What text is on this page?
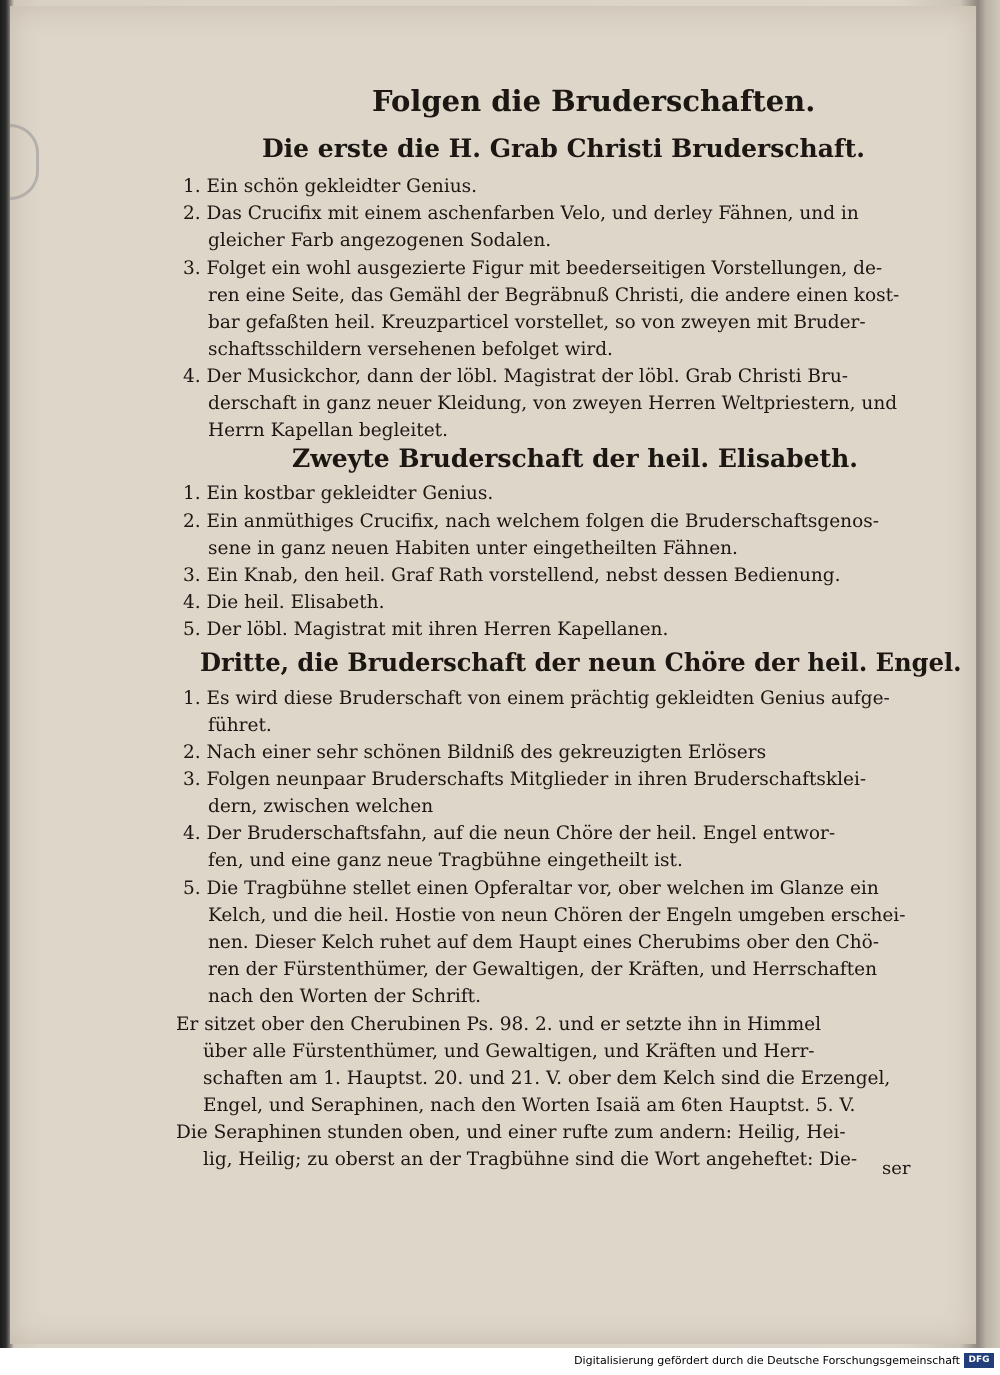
Folgen die Bruderschaften.
Die erste die H. Grab Christi Bruderschaft.

1. Ein schön gekleidter Genius.

2. Das Crucifix mit einem aschenfarben Velo, und derley Fähnen, und in

gleicher Farb angezogenen Sodalen.

3. Folget ein wohl ausgezierte Figur mit beederseitigen Vorstellungen, de-

ren eine Seite, das Gemähl der Begräbnuß Christi, die andere einen kost-

bar gefaßten heil. Kreuzparticel vorstellet, so von zweyen mit Bruder-

schaftsschildern versehenen befolget wird.

4. Der Musickchor, dann der löbl. Magistrat der löbl. Grab Christi Bru-

derschaft in ganz neuer Kleidung, von zweyen Herren Weltpriestern, und

Herrn Kapellan begleitet.

Zweyte Bruderschaft der heil. Elisabeth.

1. Ein kostbar gekleidter Genius.

2. Ein anmüthiges Crucifix, nach welchem folgen die Bruderschaftsgenos-

sene in ganz neuen Habiten unter eingetheilten Fähnen.

3. Ein Knab, den heil. Graf Rath vorstellend, nebst dessen Bedienung.

4. Die heil. Elisabeth.

5. Der löbl. Magistrat mit ihren Herren Kapellanen.

Dritte, die Bruderschaft der neun Chöre der heil. Engel.

1. Es wird diese Bruderschaft von einem prächtig gekleidten Genius aufge-

führet.

2. Nach einer sehr schönen Bildniß des gekreuzigten Erlösers

3. Folgen neunpaar Bruderschafts Mitglieder in ihren Bruderschaftsklei-

dern, zwischen welchen

4. Der Bruderschaftsfahn, auf die neun Chöre der heil. Engel entwor-

fen, und eine ganz neue Tragbühne eingetheilt ist.

5. Die Tragbühne stellet einen Opferaltar vor, ober welchen im Glanze ein

Kelch, und die heil. Hostie von neun Chören der Engeln umgeben erschei-

nen. Dieser Kelch ruhet auf dem Haupt eines Cherubims ober den Chö-

ren der Fürstenthümer, der Gewaltigen, der Kräften, und Herrschaften

nach den Worten der Schrift.

Er sitzet ober den Cherubinen Ps. 98. 2. und er setzte ihn in Himmel

über alle Fürstenthümer, und Gewaltigen, und Kräften und Herr-

schaften am 1. Hauptst. 20. und 21. V. ober dem Kelch sind die Erzengel,

Engel, und Seraphinen, nach den Worten Isaiä am 6ten Hauptst. 5. V.

Die Seraphinen stunden oben, und einer rufte zum andern: Heilig, Hei-

lig, Heilig; zu oberst an der Tragbühne sind die Wort angeheftet: Die- ser

Digitalisierung gefördert durch die Deutsche Forschungsgemeinschaft DFG
